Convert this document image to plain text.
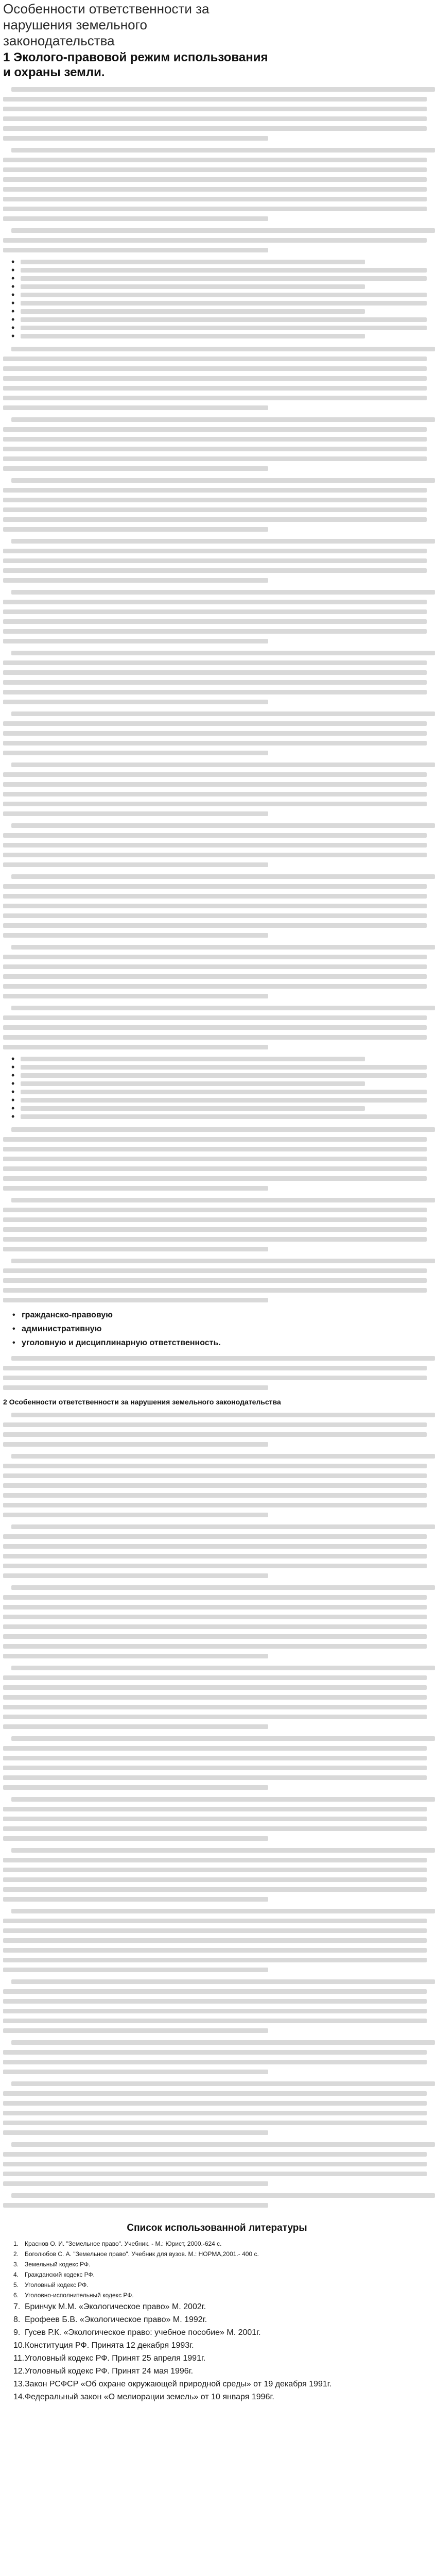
Особенности ответственности за нарушения земельного законодательства
1 Эколого-правовой режим использования
и охраны земли.
•
•
•
•
•
•
•
•
•
•
•
•
•
•
•
•
•
•
• гражданско-правовую
• административную
• уголовную и дисциплинарную ответственность.
2 Особенности ответственности за нарушения земельного законодательства
Список использованной литературы
Краснов О. И. "Земельное право". Учебник. - М.: Юрист, 2000.-624 с.
Боголюбов С. А. "Земельное право". Учебник для вузов. М.: НОРМА,2001.- 400 с.
Земельный кодекс РФ.
Гражданский кодекс РФ.
Уголовный кодекс РФ.
Уголовно-исполнительный кодекс РФ.
Бринчук М.М. «Экологическое право» М. 2002г.
Ерофеев Б.В. «Экологическое право» М. 1992г.
Гусев Р.К. «Экологическое право: учебное пособие» М. 2001г.
Конституция РФ. Принята 12 декабря 1993г.
Уголовный кодекс РФ. Принят 25 апреля 1991г.
Уголовный кодекс РФ. Принят 24 мая 1996г.
Закон РСФСР «Об охране окружающей природной среды» от 19 декабря 1991г.
Федеральный закон «О мелиорации земель» от 10 января 1996г.
